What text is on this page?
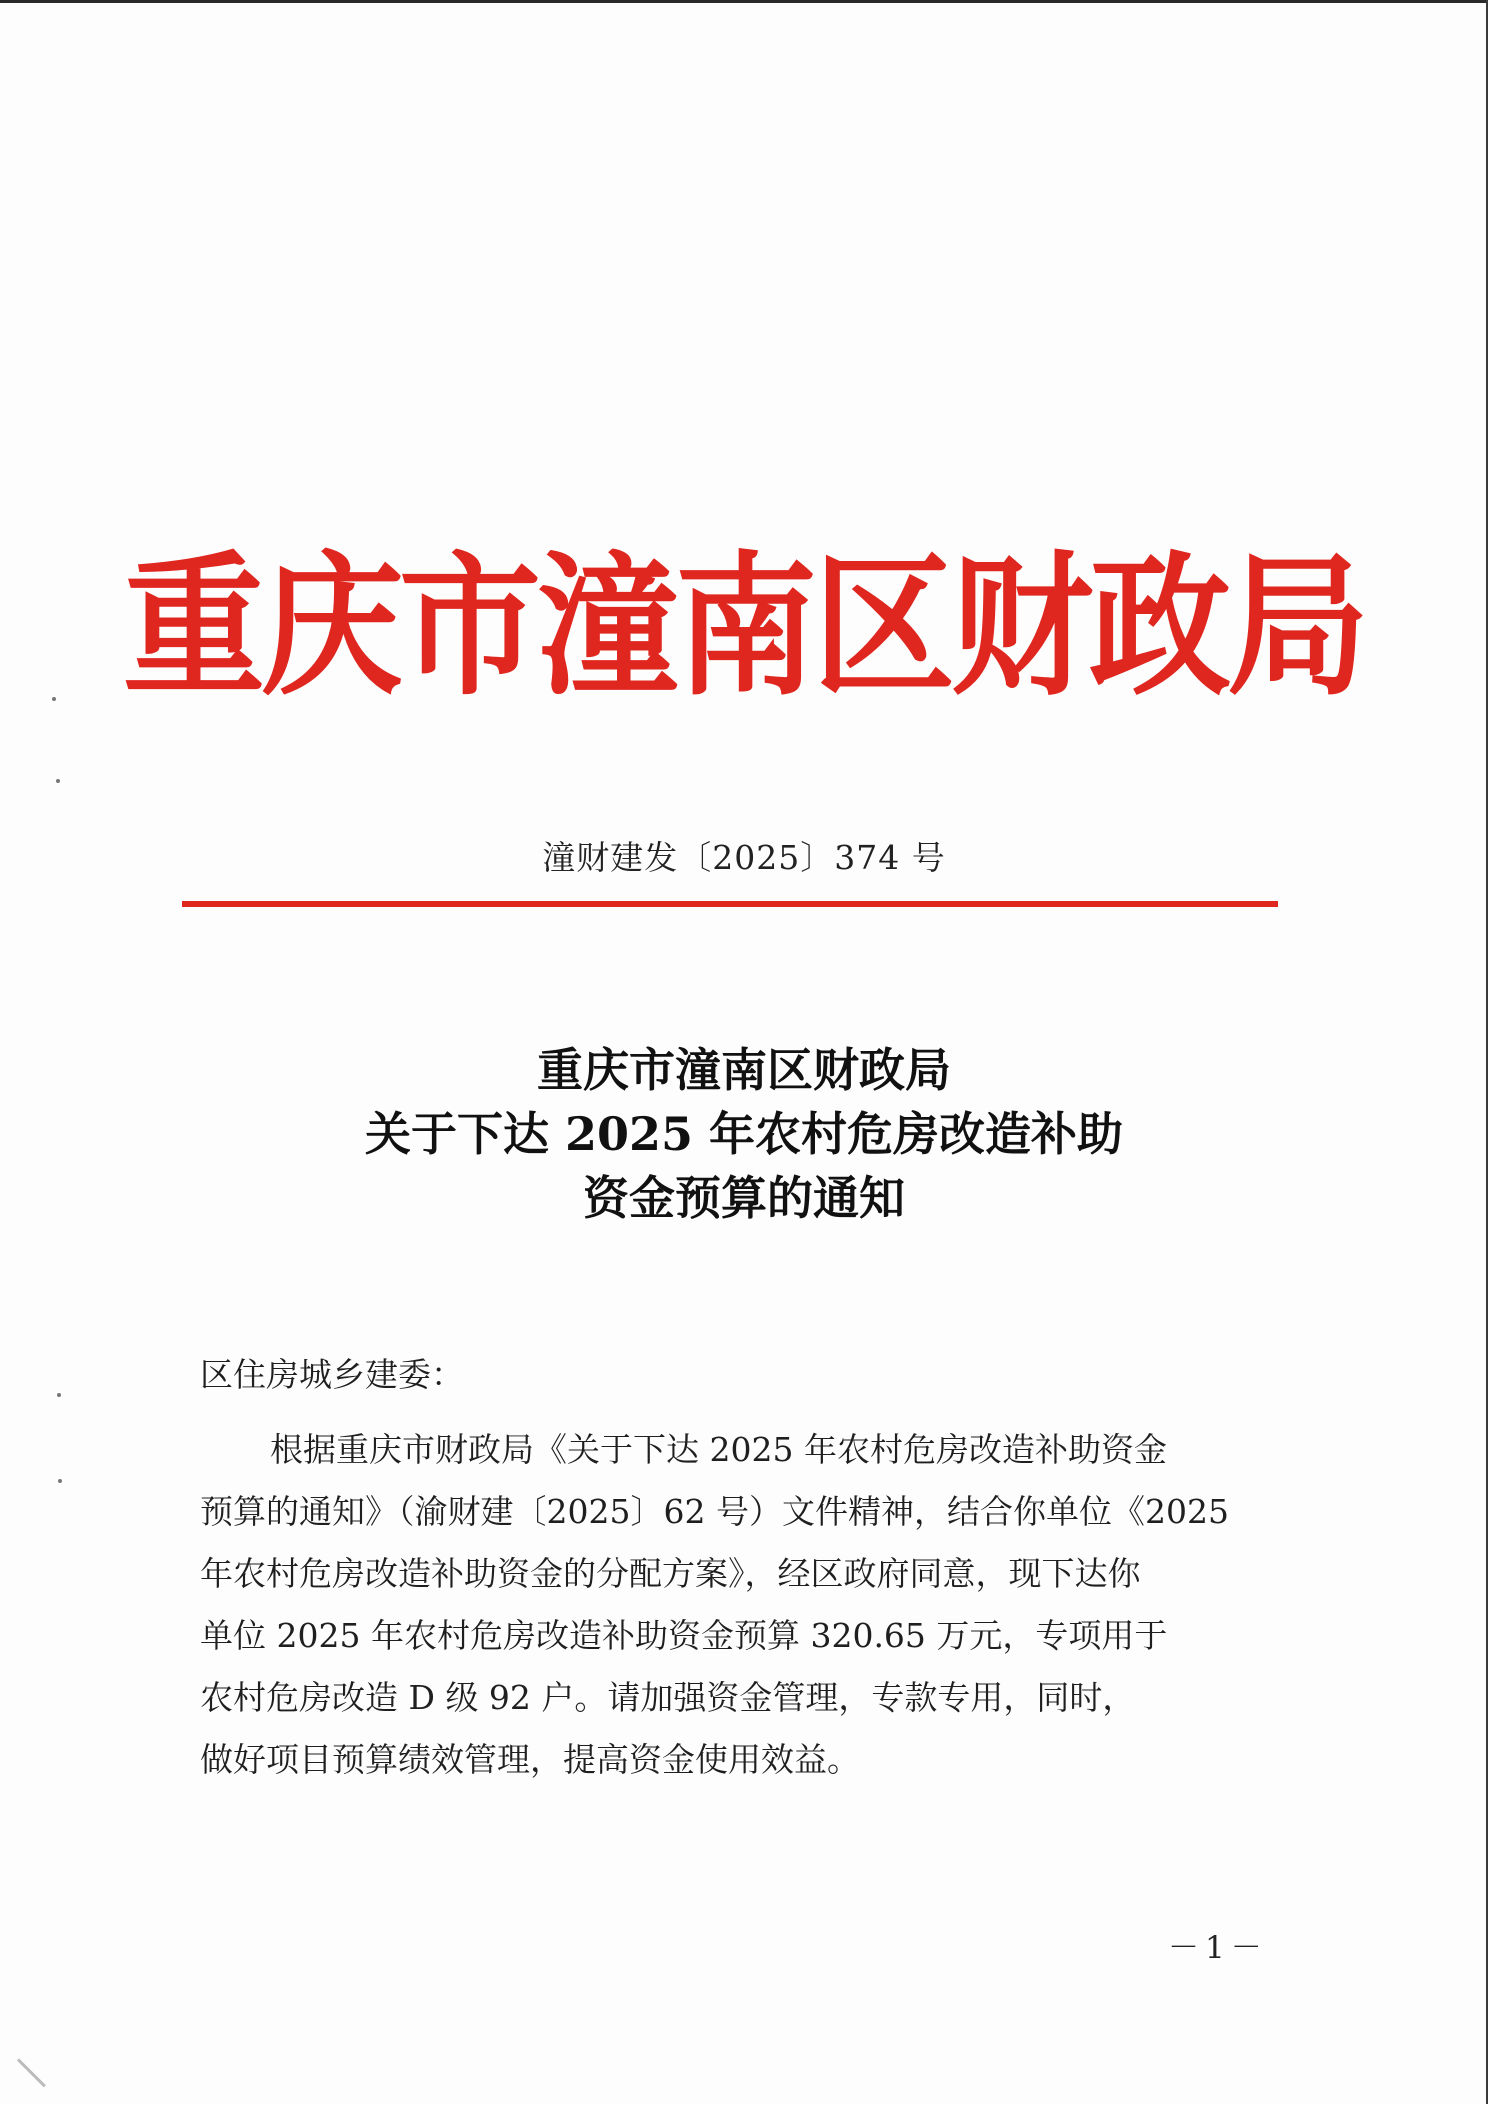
重庆市潼南区财政局
潼财建发〔2025〕374 号
重庆市潼南区财政局
关于下达 2025 年农村危房改造补助
资金预算的通知
区住房城乡建委：
根据重庆市财政局《关于下达 2025 年农村危房改造补助资金
预算的通知》（渝财建〔2025〕62 号）文件精神，结合你单位《2025
年农村危房改造补助资金的分配方案》，经区政府同意，现下达你
单位 2025 年农村危房改造补助资金预算 320.65 万元，专项用于
农村危房改造 D 级 92 户。请加强资金管理，专款专用，同时，
做好项目预算绩效管理，提高资金使用效益。
－1－
